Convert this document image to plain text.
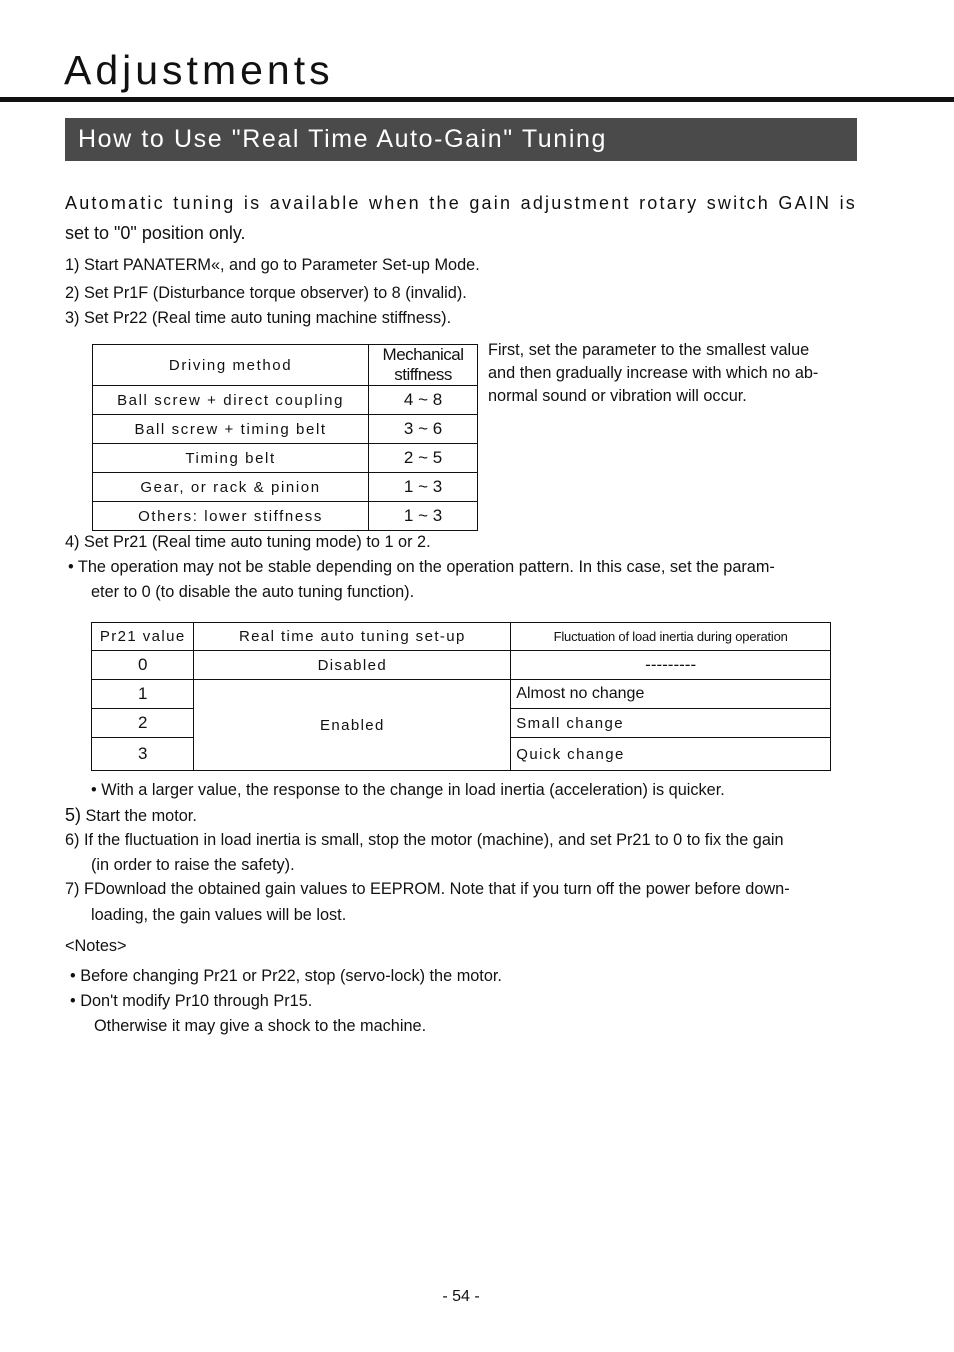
Adjustments
How to Use "Real Time Auto-Gain" Tuning
Automatic tuning is available when the gain adjustment rotary switch GAIN is
set to "0" position only.
1) Start PANATERM«, and go to Parameter Set-up Mode.
2) Set Pr1F (Disturbance torque observer) to 8 (invalid).
3) Set Pr22 (Real time auto tuning machine stiffness).
Driving method	Mechanical stiffness
Ball screw + direct coupling	4 ~ 8
Ball screw + timing belt	3 ~ 6
Timing belt	2 ~ 5
Gear, or rack & pinion	1 ~ 3
Others: lower stiffness	1 ~ 3
First, set the parameter to the smallest value
and then gradually increase with which no ab-
normal sound or vibration will occur.
4) Set Pr21 (Real time auto tuning mode) to 1 or 2.
• The operation may not be stable depending on the operation pattern. In this case, set the param-
eter to 0 (to disable the auto tuning function).
Pr21 value	Real time auto tuning set-up	Fluctuation of load inertia during operation
0	Disabled	---------
1	Enabled	Almost no change
2		Small change
3		Quick change
• With a larger value, the response to the change in load inertia (acceleration) is quicker.
5) Start the motor.
6) If the fluctuation in load inertia is small, stop the motor (machine), and set Pr21 to 0 to fix the gain
(in order to raise the safety).
7) FDownload the obtained gain values to EEPROM. Note that if you turn off the power before down-
loading, the gain values will be lost.
<Notes>
• Before changing Pr21 or Pr22, stop (servo-lock) the motor.
• Don't modify Pr10 through Pr15.
Otherwise it may give a shock to the machine.
- 54 -
